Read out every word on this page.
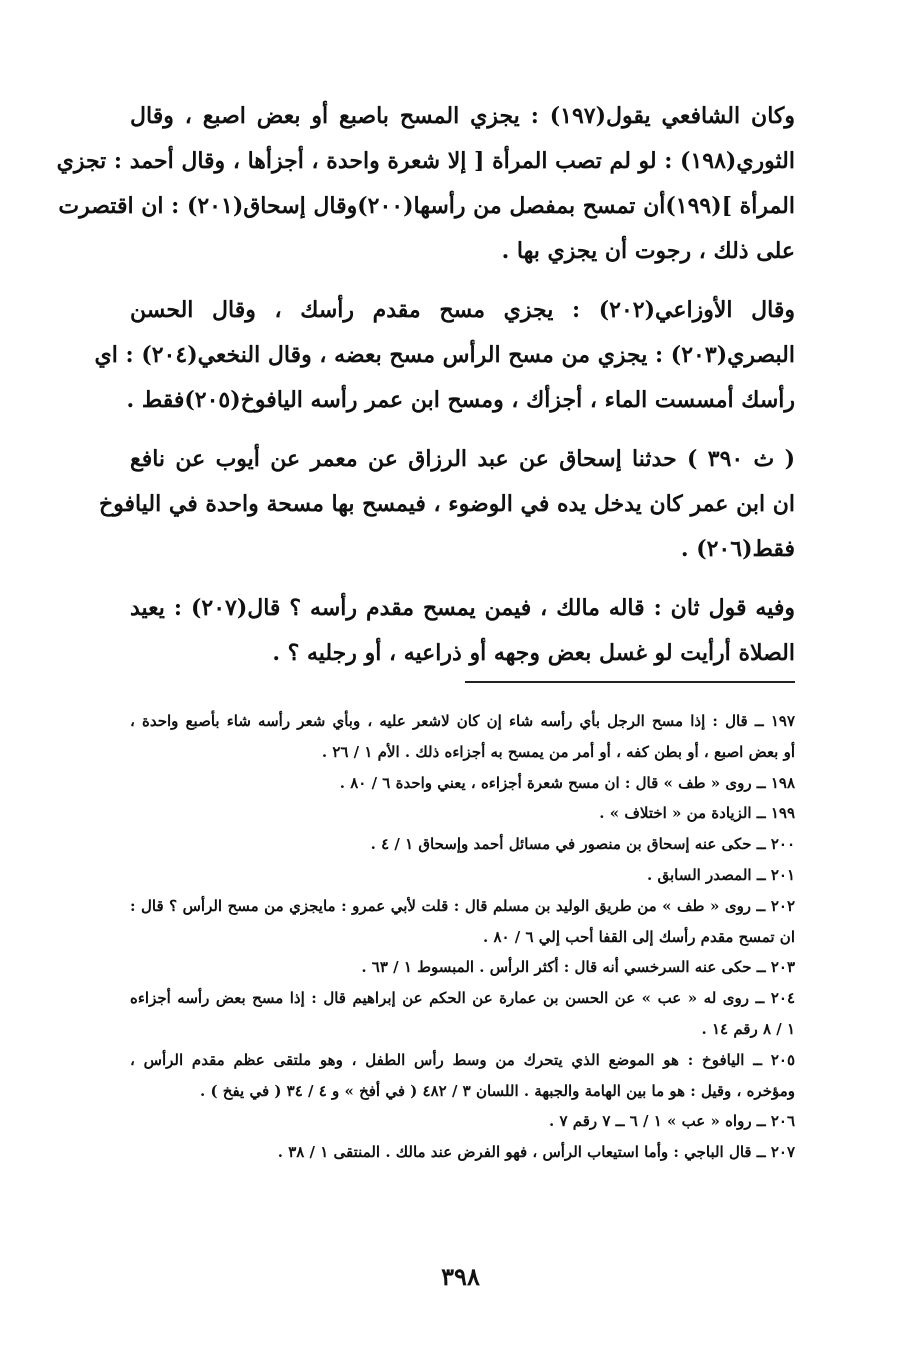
وكان الشافعي يقول(١٩٧) : يجزي المسح باصبع أو بعض اصبع ، وقال
الثوري(١٩٨) : لو لم تصب المرأة [ إلا شعرة واحدة ، أجزأها ، وقال أحمد : تجزي
المرأة ](١٩٩)أن تمسح بمفصل من رأسها(٢٠٠)وقال إسحاق(٢٠١) : ان اقتصرت
على ذلك ، رجوت أن يجزي بها .

وقال الأوزاعي(٢٠٢) : يجزي مسح مقدم رأسك ، وقال الحسن
البصري(٢٠٣) : يجزي من مسح الرأس مسح بعضه ، وقال النخعي(٢٠٤) : اي
رأسك أمسست الماء ، أجزأك ، ومسح ابن عمر رأسه اليافوخ(٢٠٥)فقط .

( ث ٣٩٠ ) حدثنا إسحاق عن عبد الرزاق عن معمر عن أيوب عن نافع
ان ابن عمر كان يدخل يده في الوضوء ، فيمسح بها مسحة واحدة في اليافوخ
فقط(٢٠٦) .

وفيه قول ثان : قاله مالك ، فيمن يمسح مقدم رأسه ؟ قال(٢٠٧) : يعيد
الصلاة أرأيت لو غسل بعض وجهه أو ذراعيه ، أو رجليه ؟ .

١٩٧ ــ قال : إذا مسح الرجل بأي رأسه شاء إن كان لاشعر عليه ، وبأي شعر رأسه شاء بأصبع واحدة ،
أو بعض اصبع ، أو بطن كفه ، أو أمر من يمسح به أجزاءه ذلك . الأم ١ / ٢٦ .

١٩٨ ــ روى « طف » قال : ان مسح شعرة أجزاءه ، يعني واحدة ٦ / ٨٠ .

١٩٩ ــ الزيادة من « اختلاف » .

٢٠٠ ــ حكى عنه إسحاق بن منصور في مسائل أحمد وإسحاق ١ / ٤ .

٢٠١ ــ المصدر السابق .

٢٠٢ ــ روى « طف » من طريق الوليد بن مسلم قال : قلت لأبي عمرو : مايجزي من مسح الرأس ؟ قال :
ان تمسح مقدم رأسك إلى القفا أحب إلي ٦ / ٨٠ .

٢٠٣ ــ حكى عنه السرخسي أنه قال : أكثر الرأس . المبسوط ١ / ٦٣ .

٢٠٤ ــ روى له « عب » عن الحسن بن عمارة عن الحكم عن إبراهيم قال : إذا مسح بعض رأسه أجزاءه
١ / ٨ رقم ١٤ .

٢٠٥ ــ اليافوخ : هو الموضع الذي يتحرك من وسط رأس الطفل ، وهو ملتقى عظم مقدم الرأس ،
ومؤخره ، وقيل : هو ما بين الهامة والجبهة . اللسان ٣ / ٤٨٢ ( في أفخ » و ٤ / ٣٤ ( في يفخ ) .

٢٠٦ ــ رواه « عب » ١ / ٦ ــ ٧ رقم ٧ .

٢٠٧ ــ قال الباجي : وأما استيعاب الرأس ، فهو الفرض عند مالك . المنتقى ١ / ٣٨ .

٣٩٨
